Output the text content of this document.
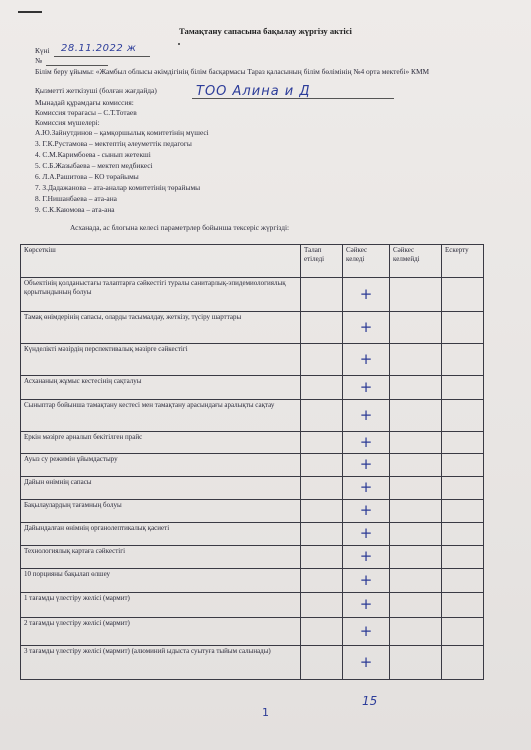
Тамақтану сапасына бақылау жүргізу актісі
Күні 28.11.2022 ж
№
Білім беру ұйымы: «Жамбыл облысы әкімдігінің білім басқармасы Тараз қаласының білім бөлімінің №4 орта мектебі» КММ
Қызметті жеткізуші (болған жағдайда)	ТОО Алина и Д
Мынадай құрамдағы комиссия:
Комиссия төрағасы – С.Т.Тотаев
Комиссия мүшелері:
А.Ю.Зайнутдинов – қамқоршылық комитетінің мүшесі
3. Г.К.Рустамова – мектептің әлеуметтік педагогы
4. С.М.Каримбоева - сынып жетекші
5. С.Б.Жазыбаева – мектеп медбикесі
6. Л.А.Рашитова – КО төрайымы
7. З.Дадажанова – ата-аналар комитетінің төрайымы
8. Г.Нишанбаева – ата-ана
9. С.К.Каюмова – ата-ана
Асханада, ас блогына келесі параметрлер бойынша тексеріс жүргізді:
Көрсеткіш	Талап етіледі	Сәйкес келеді	Сәйкес келмейді	Ескерту
Объектінің қолданыстағы талаптарға сәйкестігі туралы санитарлық-эпидемиологиялық қорытындының болуы		+		
Тамақ өнімдерінің сапасы, оларды тасымалдау, жеткізу, түсіру шарттары		+		
Күнделікті мәзірдің перспективалық мәзірге сәйкестігі		+		
Асхананың жұмыс кестесінің сақталуы		+		
Сыныптар бойынша тамақтану кестесі мен тамақтану арасындағы аралықты сақтау		+		
Еркін мәзірге арналып бекітілген прайс		+		
Ауыз су режимін ұйымдастыру		+		
Дайын өнімнің сапасы		+		
Бақылаулардың тағамның болуы		+		
Дайындалған өнімнің органолептикалық қасиеті		+		
Технологиялық картаға сәйкестігі		+		
10 порцияны бақылап өлшеу		+		
1 тағамды үлестіру желісі (мармит)		+		
2 тағамды үлестіру желісі (мармит)		+		
3 тағамды үлестіру желісі (мармит) (алюминий ыдыста суытуға тыйым салынады)		+		
1
15
